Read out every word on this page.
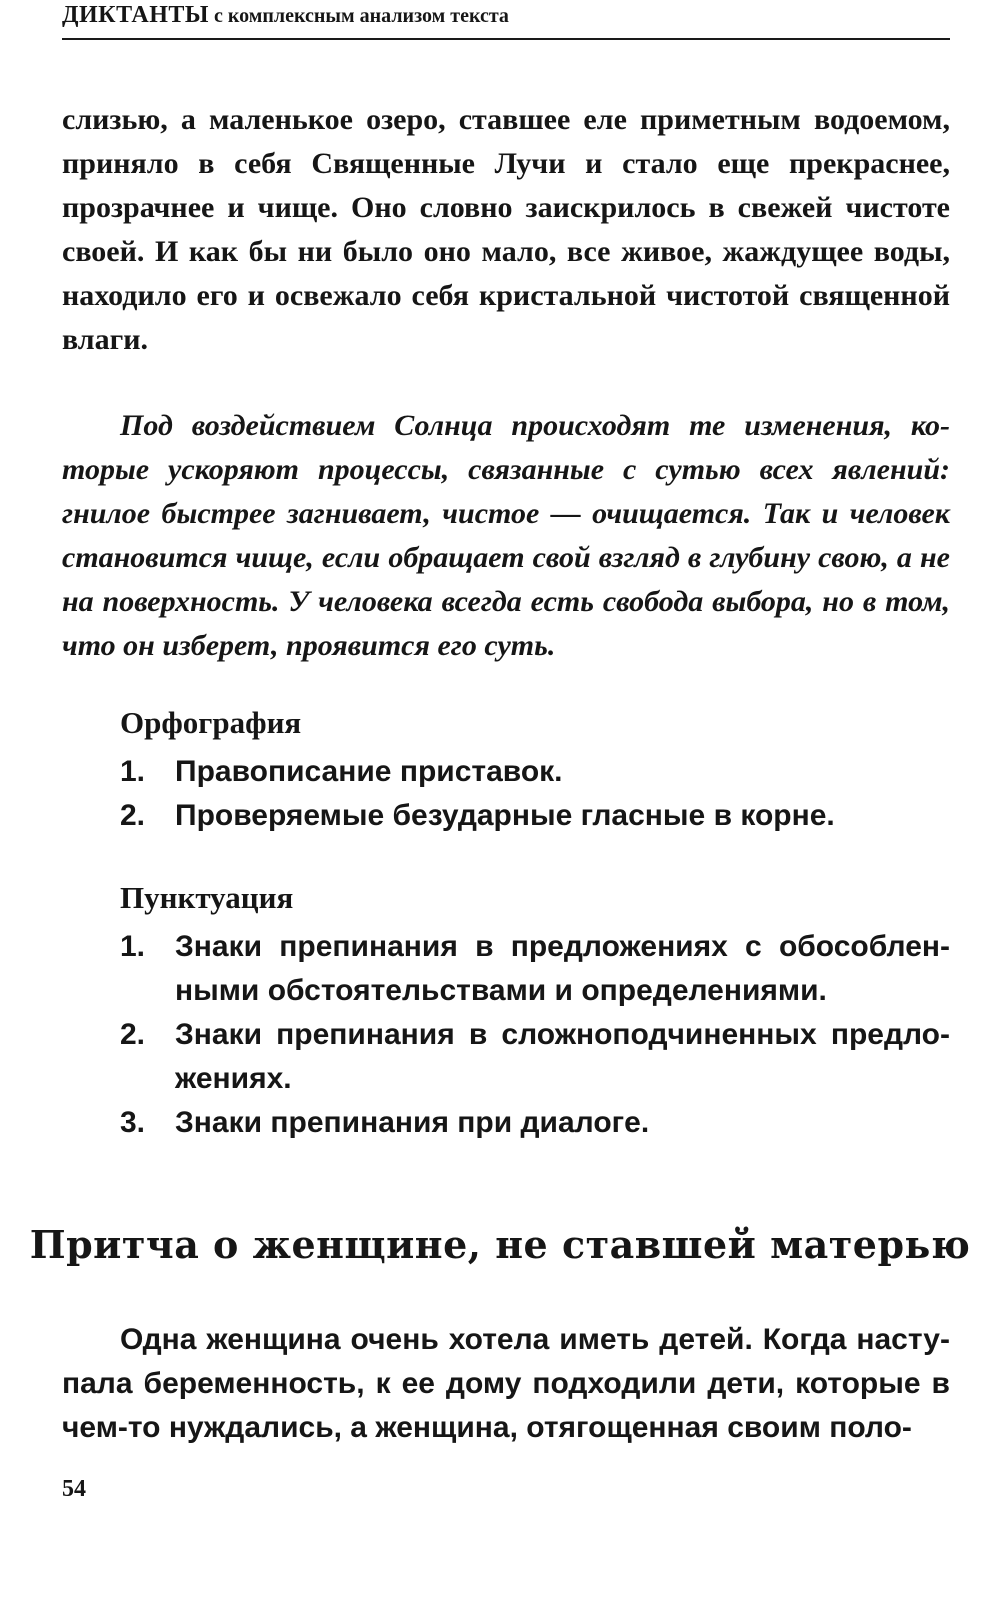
ДИКТАНТЫ с комплексным анализом текста

слизью, а маленькое озеро, ставшее еле приметным водоемом, приняло в себя Священные Лучи и стало еще прекраснее, прозрачнее и чище. Оно словно заискрилось в свежей чистоте своей. И как бы ни было оно мало, все живое, жаждущее воды, находило его и освежало себя кристальной чистотой священной влаги.

Под воздействием Солнца происходят те изменения, которые ускоряют процессы, связанные с сутью всех явлений: гнилое быстрее загнивает, чистое — очищается. Так и человек становится чище, если обращает свой взгляд в глубину свою, а не на поверхность. У человека всегда есть свобода выбора, но в том, что он изберет, проявится его суть.

Орфография
1. Правописание приставок.
2. Проверяемые безударные гласные в корне.
Пунктуация
1. Знаки препинания в предложениях с обособленными обстоятельствами и определениями.
2. Знаки препинания в сложноподчиненных предложениях.
3. Знаки препинания при диалоге.
Притча о женщине, не ставшей матерью

Одна женщина очень хотела иметь детей. Когда наступала беременность, к ее дому подходили дети, которые в чем-то нуждались, а женщина, отягощенная своим поло-

54
